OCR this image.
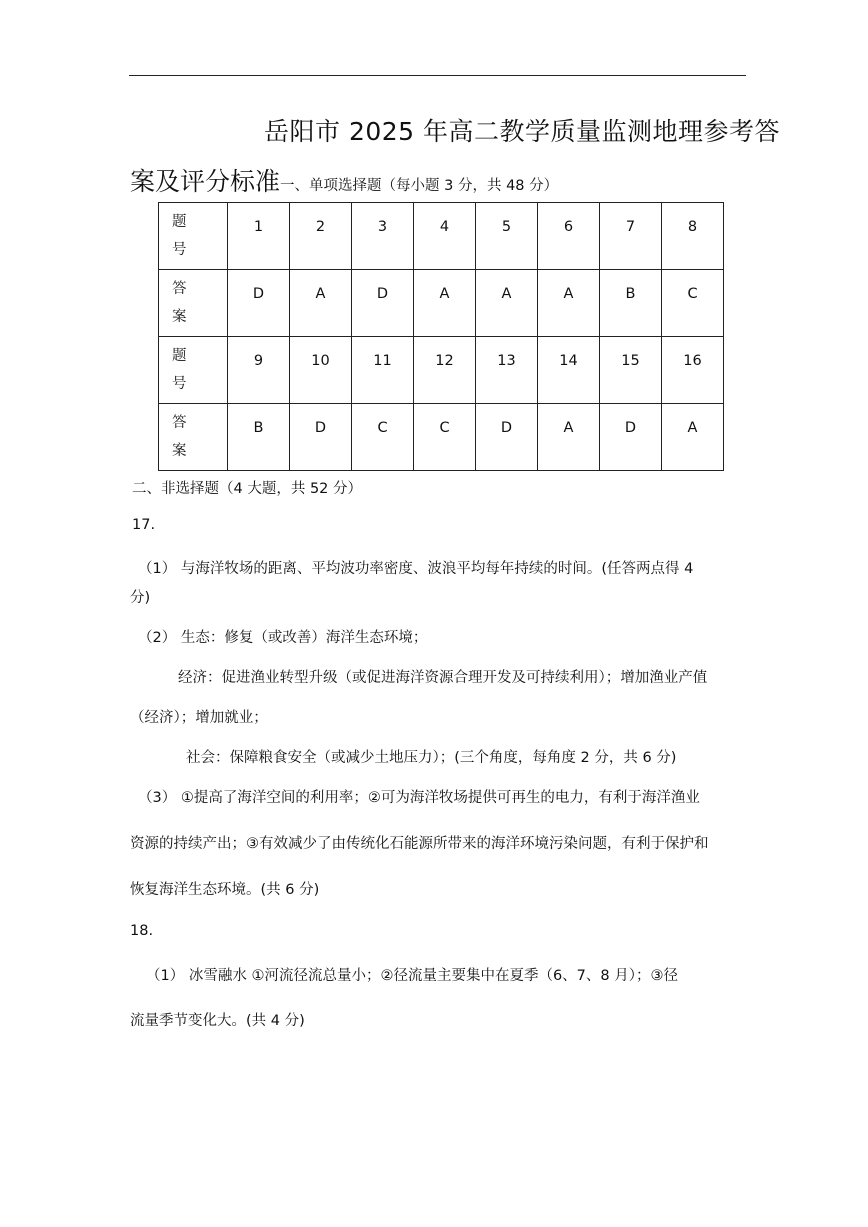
岳阳市 2025 年高二教学质量监测地理参考答
案及评分标准一、单项选择题（每小题 3 分，共 48 分）
题
号	1	2	3	4	5	6	7	8

答
案	D	A	D	A	A	A	B	C

题
号	9	10	11	12	13	14	15	16

答
案	B	D	C	C	D	A	D	A
二、非选择题（4 大题，共 52 分）
17.
（1） 与海洋牧场的距离、平均波功率密度、波浪平均每年持续的时间。(任答两点得 4
分)
（2） 生态：修复（或改善）海洋生态环境；
经济：促进渔业转型升级（或促进海洋资源合理开发及可持续利用）；增加渔业产值
（经济）；增加就业；
社会：保障粮食安全（或减少土地压力）；(三个角度，每角度 2 分，共 6 分)
（3） ①提高了海洋空间的利用率；②可为海洋牧场提供可再生的电力，有利于海洋渔业
资源的持续产出；③有效减少了由传统化石能源所带来的海洋环境污染问题，有利于保护和
恢复海洋生态环境。(共 6 分)
18.
（1） 冰雪融水 ①河流径流总量小；②径流量主要集中在夏季（6、7、8 月）；③径
流量季节变化大。(共 4 分)
